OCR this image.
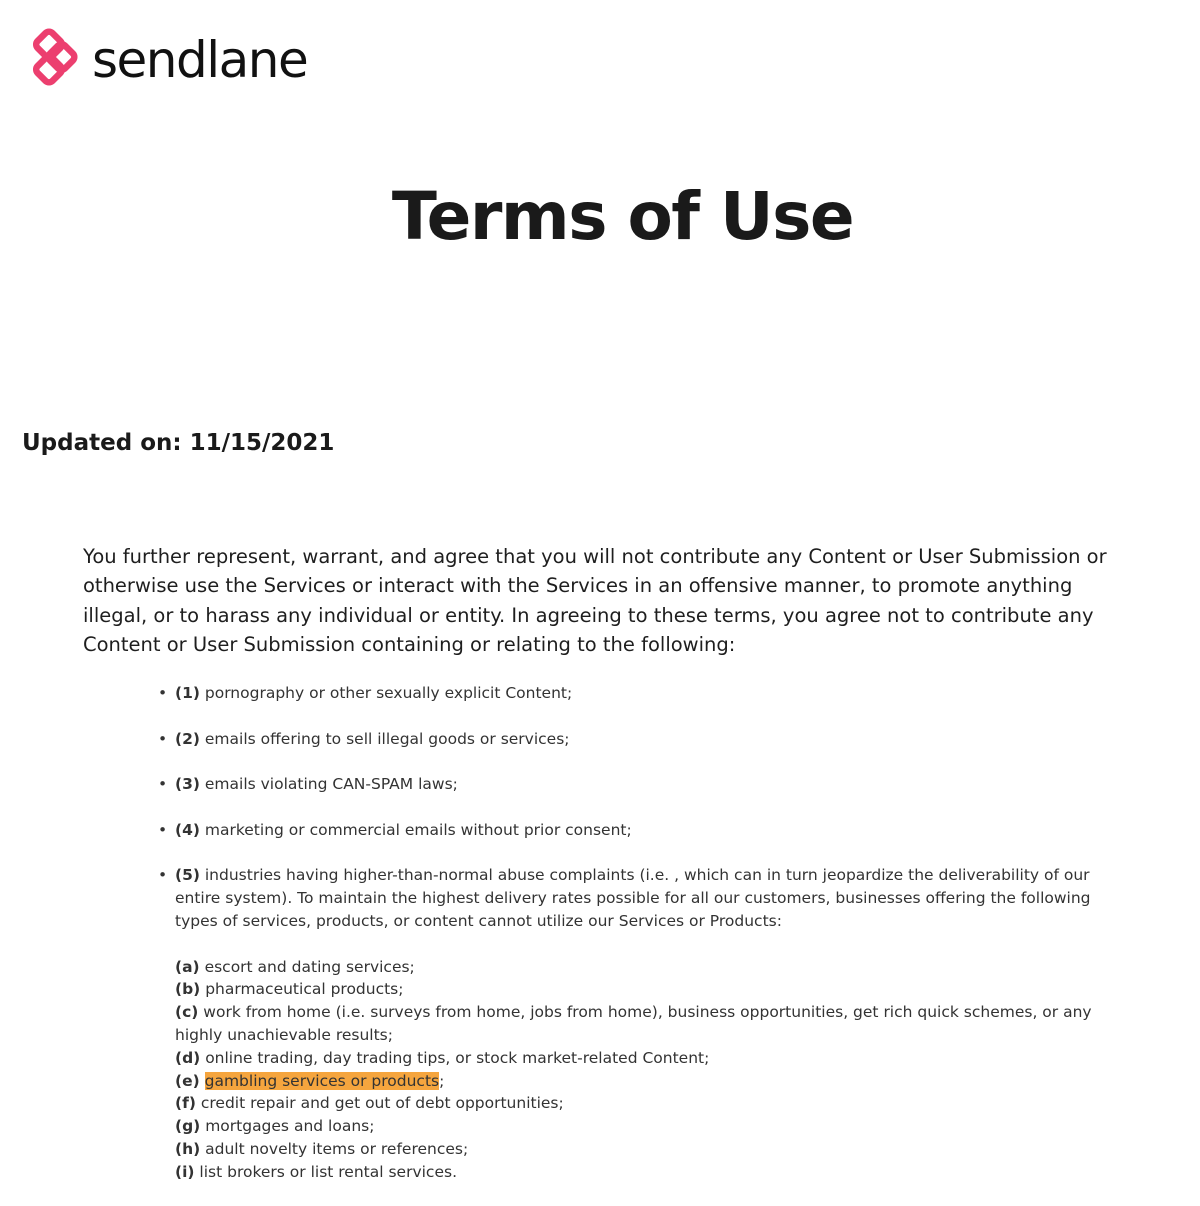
sendlane
Terms of Use
Updated on: 11/15/2021

You further represent, warrant, and agree that you will not contribute any Content or User Submission or otherwise use the Services or interact with the Services in an offensive manner, to promote anything illegal, or to harass any individual or entity. In agreeing to these terms, you agree not to contribute any Content or User Submission containing or relating to the following:

• (1) pornography or other sexually explicit Content;
• (2) emails offering to sell illegal goods or services;
• (3) emails violating CAN-SPAM laws;
• (4) marketing or commercial emails without prior consent;
• (5) industries having higher-than-normal abuse complaints (i.e. , which can in turn jeopardize the deliverability of our entire system). To maintain the highest delivery rates possible for all our customers, businesses offering the following types of services, products, or content cannot utilize our Services or Products:
(a) escort and dating services;
(b) pharmaceutical products;
(c) work from home (i.e. surveys from home, jobs from home), business opportunities, get rich quick schemes, or any highly unachievable results;
(d) online trading, day trading tips, or stock market-related Content;
(e) gambling services or products;
(f) credit repair and get out of debt opportunities;
(g) mortgages and loans;
(h) adult novelty items or references;
(i) list brokers or list rental services.
